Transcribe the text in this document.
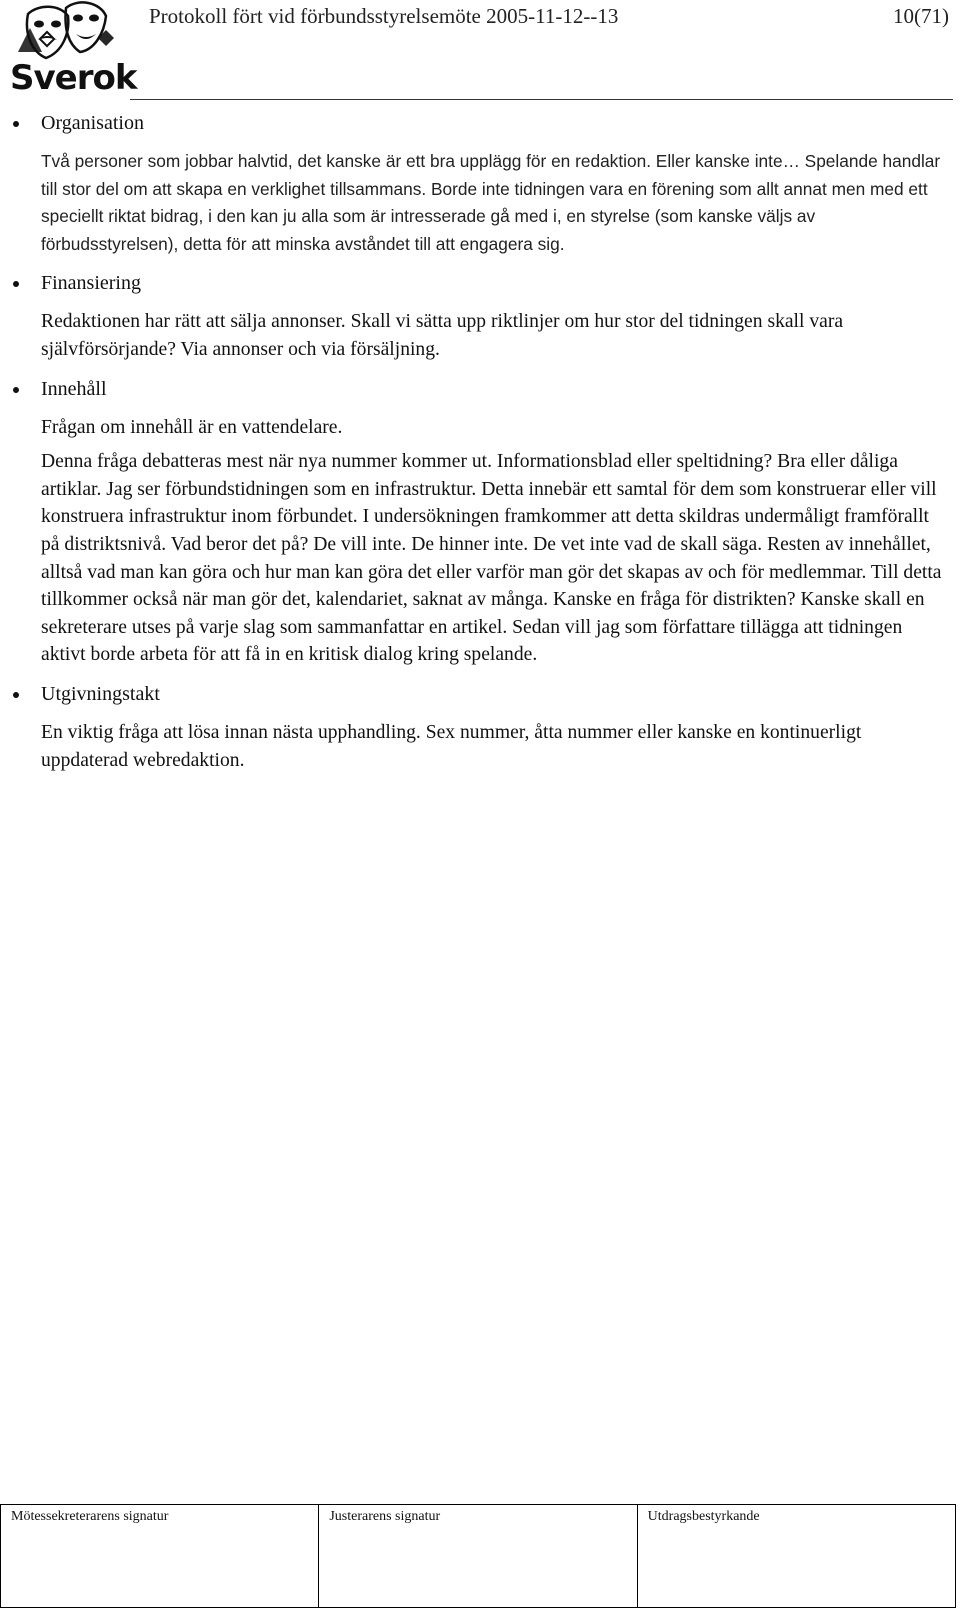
Sverok
Protokoll fört vid förbundsstyrelsemöte 2005-11-12--13	10(71)
Organisation

Två personer som jobbar halvtid, det kanske är ett bra upplägg för en redaktion. Eller kanske inte… Spelande handlar till stor del om att skapa en verklighet tillsammans. Borde inte tidningen vara en förening som allt annat men med ett speciellt riktat bidrag, i den kan ju alla som är intresserade gå med i, en styrelse (som kanske väljs av förbudsstyrelsen), detta för att minska avståndet till att engagera sig.

Finansiering

Redaktionen har rätt att sälja annonser. Skall vi sätta upp riktlinjer om hur stor del tidningen skall vara självförsörjande? Via annonser och via försäljning.

Innehåll

Frågan om innehåll är en vattendelare.

Denna fråga debatteras mest när nya nummer kommer ut. Informationsblad eller speltidning? Bra eller dåliga artiklar. Jag ser förbundstidningen som en infrastruktur. Detta innebär ett samtal för dem som konstruerar eller vill konstruera infrastruktur inom förbundet. I undersökningen framkommer att detta skildras undermåligt framförallt på distriktsnivå. Vad beror det på? De vill inte. De hinner inte. De vet inte vad de skall säga. Resten av innehållet, alltså vad man kan göra och hur man kan göra det eller varför man gör det skapas av och för medlemmar. Till detta tillkommer också när man gör det, kalendariet, saknat av många. Kanske en fråga för distrikten? Kanske skall en sekreterare utses på varje slag som sammanfattar en artikel. Sedan vill jag som författare tillägga att tidningen aktivt borde arbeta för att få in en kritisk dialog kring spelande.

Utgivningstakt

En viktig fråga att lösa innan nästa upphandling. Sex nummer, åtta nummer eller kanske en kontinuerligt uppdaterad webredaktion.

Mötessekreterarens signatur	Justerarens signatur	Utdragsbestyrkande
